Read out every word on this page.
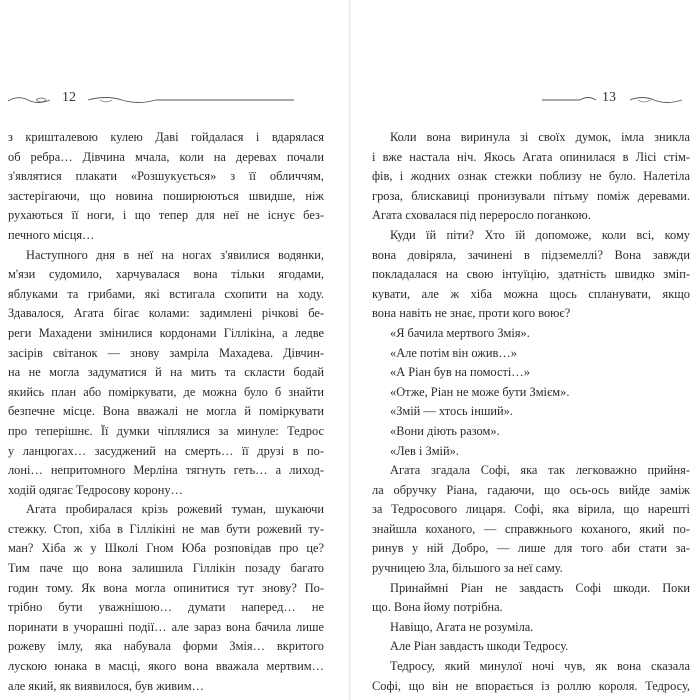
12
з кришталевою кулею Даві гойдалася і вдарялася
об ребра… Дівчина мчала, коли на деревах почали
з'являтися плакати «Розшукується» з її обличчям,
застерігаючи, що новина поширюються швидше, ніж
рухаються її ноги, і що тепер для неї не існує без-
печного місця…
Наступного дня в неї на ногах з'явилися водянки,
м'язи судомило, харчувалася вона тільки ягодами,
яблуками та грибами, які встигала схопити на ходу.
Здавалося, Агата бігає колами: задимлені річкові бе-
реги Махадени змінилися кордонами Гіллікіна, а ледве
засірів світанок — знову замріла Махадева. Дівчин-
на не могла задуматися й на мить та скласти бодай
якийсь план або поміркувати, де можна було б знайти
безпечне місце. Вона вважалі не могла й поміркувати
про теперішнє. Її думки чіплялися за минуле: Тедрос
у ланцюгах… засуджений на смерть… її друзі в по-
лоні… непритомного Мерліна тягнуть геть… а лиход-
ходій одягає Тедросову корону…
Агата пробиралася крізь рожевий туман, шукаючи
стежку. Стоп, хіба в Гіллікіні не мав бути рожевий ту-
ман? Хіба ж у Школі Гном Юба розповідав про це?
Тим паче що вона залишила Гіллікін позаду багато
годин тому. Як вона могла опинитися тут знову? По-
трібно бути уважнішою… думати наперед… не
поринати в учорашні події… але зараз вона бачила лише
рожеву імлу, яка набувала форми Змія… вкритого
лускою юнака в масці, якого вона вважала мертвим…
але який, як виявилося, був живим…
13
Коли вона виринула зі своїх думок, імла зникла
і вже настала ніч. Якось Агата опинилася в Лісі стім-
фів, і жодних ознак стежки поблизу не було. Налетіла
гроза, блискавиці пронизували пітьму поміж деревами.
Агата сховалася під переросло поганкою.
Куди їй піти? Хто їй допоможе, коли всі, кому
вона довіряла, зачинені в підземеллі? Вона завжди
покладалася на свою інтуїцію, здатність швидко зміп-
кувати, але ж хіба можна щось спланувати, якщо
вона навіть не знає, проти кого воює?
«Я бачила мертвого Змія».
«Але потім він ожив…»
«А Ріан був на помості…»
«Отже, Ріан не може бути Змієм».
«Змій — хтось інший».
«Вони діють разом».
«Лев і Змій».
Агата згадала Софі, яка так легковажно прийня-
ла обручку Ріана, гадаючи, що ось-ось вийде заміж
за Тедросового лицаря. Софі, яка вірила, що нарешті
знайшла коханого, — справжнього коханого, який по-
ринув у ній Добро, — лише для того аби стати за-
ручницею Зла, більшого за неї саму.
Принаймні Ріан не завдасть Софі шкоди. Поки
що. Вона йому потрібна.
Навіщо, Агата не розуміла.
Але Ріан завдасть шкоди Тедросу.
Тедросу, який минулої ночі чув, як вона сказала
Софі, що він не впорається із роллю короля. Тедросу,
